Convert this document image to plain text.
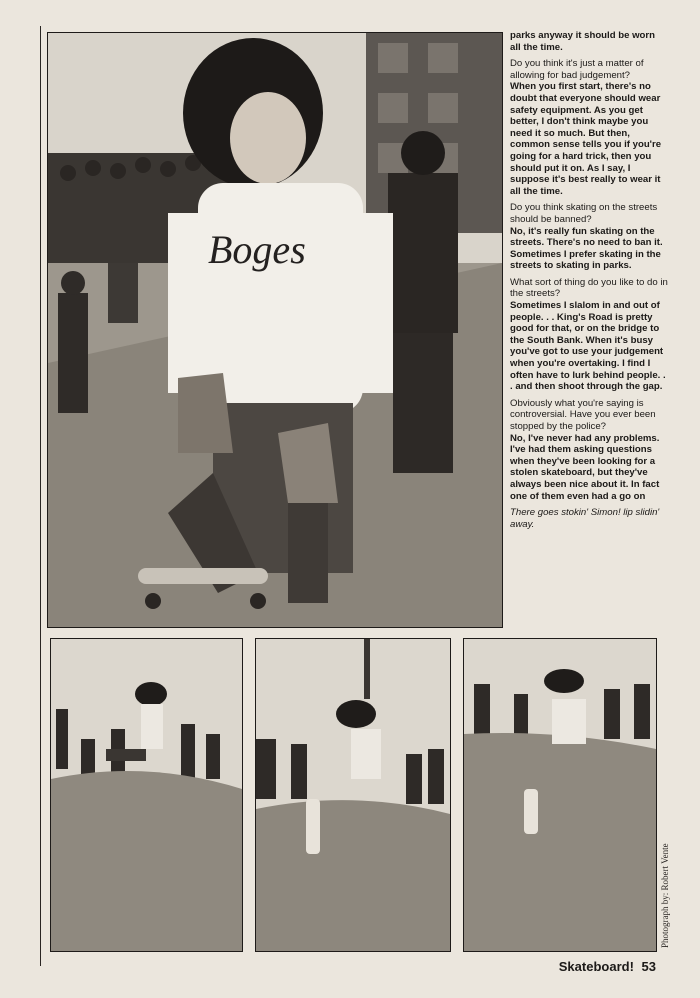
Boges

parks anyway it should be worn all the time.

Do you think it's just a matter of allowing for bad judgement?
When you first start, there's no doubt that everyone should wear safety equipment. As you get better, I don't think maybe you need it so much. But then, common sense tells you if you're going for a hard trick, then you should put it on. As I say, I suppose it's best really to wear it all the time.

Do you think skating on the streets should be banned?
No, it's really fun skating on the streets. There's no need to ban it. Sometimes I prefer skating in the streets to skating in parks.

What sort of thing do you like to do in the streets?
Sometimes I slalom in and out of people. . . King's Road is pretty good for that, or on the bridge to the South Bank. When it's busy you've got to use your judgement when you're overtaking. I find I often have to lurk behind people. . . and then shoot through the gap.

Obviously what you're saying is controversial. Have you ever been stopped by the police?
No, I've never had any problems. I've had them asking questions when they've been looking for a stolen skateboard, but they've always been nice about it. In fact one of them even had a go on

There goes stokin' Simon! lip slidin' away.

Photograph by: Robert Vente
Skateboard! 53
